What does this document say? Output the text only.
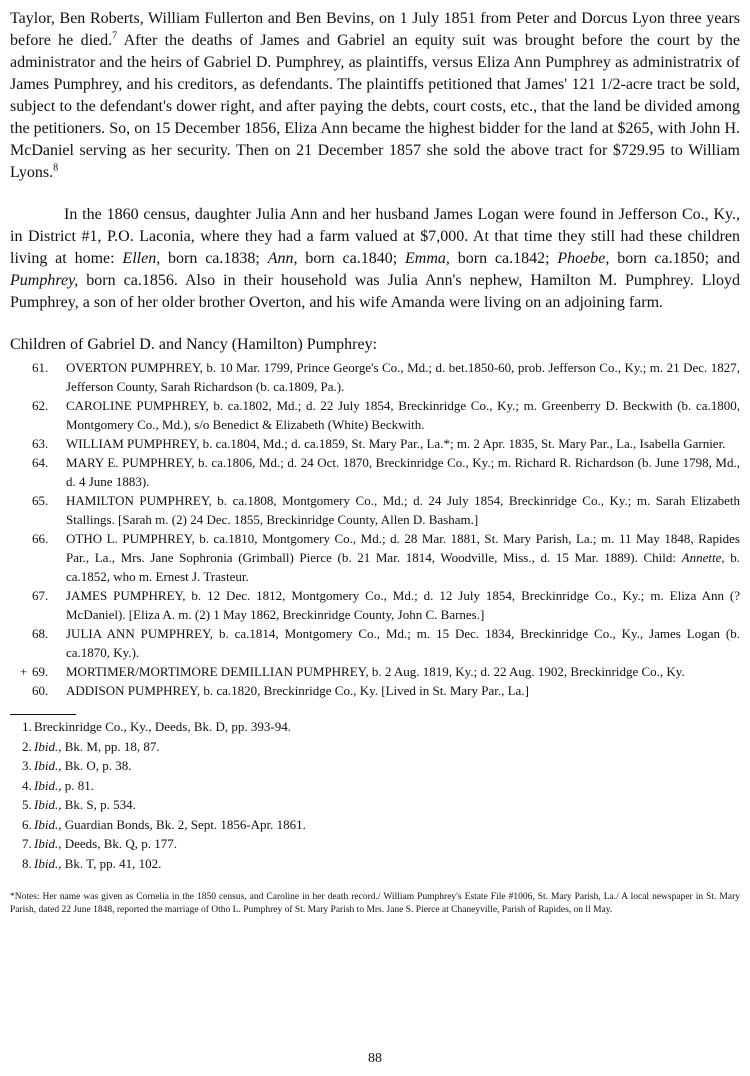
Taylor, Ben Roberts, William Fullerton and Ben Bevins, on 1 July 1851 from Peter and Dorcus Lyon three years before he died.$^7$ After the deaths of James and Gabriel an equity suit was brought before the court by the administrator and the heirs of Gabriel D. Pumphrey, as plaintiffs, versus Eliza Ann Pumphrey as administratrix of James Pumphrey, and his creditors, as defendants. The plaintiffs petitioned that James' 121 1/2-acre tract be sold, subject to the defendant's dower right, and after paying the debts, court costs, etc., that the land be divided among the petitioners. So, on 15 December 1856, Eliza Ann became the highest bidder for the land at $265, with John H. McDaniel serving as her security. Then on 21 December 1857 she sold the above tract for $729.95 to William Lyons.$^8$

In the 1860 census, daughter Julia Ann and her husband James Logan were found in Jefferson Co., Ky., in District #1, P.O. Laconia, where they had a farm valued at $7,000. At that time they still had these children living at home: Ellen, born ca.1838; Ann, born ca.1840; Emma, born ca.1842; Phoebe, born ca.1850; and Pumphrey, born ca.1856. Also in their household was Julia Ann's nephew, Hamilton M. Pumphrey. Lloyd Pumphrey, a son of her older brother Overton, and his wife Amanda were living on an adjoining farm.

Children of Gabriel D. and Nancy (Hamilton) Pumphrey:
61.	OVERTON PUMPHREY, b. 10 Mar. 1799, Prince George's Co., Md.; d. bet.1850-60, prob. Jefferson Co., Ky.; m. 21 Dec. 1827, Jefferson County, Sarah Richardson (b. ca.1809, Pa.).
62.	CAROLINE PUMPHREY, b. ca.1802, Md.; d. 22 July 1854, Breckinridge Co., Ky.; m. Greenberry D. Beckwith (b. ca.1800, Montgomery Co., Md.), s/o Benedict & Elizabeth (White) Beckwith.
63.	WILLIAM PUMPHREY, b. ca.1804, Md.; d. ca.1859, St. Mary Par., La.*; m. 2 Apr. 1835, St. Mary Par., La., Isabella Garnier.
64.	MARY E. PUMPHREY, b. ca.1806, Md.; d. 24 Oct. 1870, Breckinridge Co., Ky.; m. Richard R. Richardson (b. June 1798, Md., d. 4 June 1883).
65.	HAMILTON PUMPHREY, b. ca.1808, Montgomery Co., Md.; d. 24 July 1854, Breckinridge Co., Ky.; m. Sarah Elizabeth Stallings. [Sarah m. (2) 24 Dec. 1855, Breckinridge County, Allen D. Basham.]
66.	OTHO L. PUMPHREY, b. ca.1810, Montgomery Co., Md.; d. 28 Mar. 1881, St. Mary Parish, La.; m. 11 May 1848, Rapides Par., La., Mrs. Jane Sophronia (Grimball) Pierce (b. 21 Mar. 1814, Woodville, Miss., d. 15 Mar. 1889). Child: Annette, b. ca.1852, who m. Ernest J. Trasteur.
67.	JAMES PUMPHREY, b. 12 Dec. 1812, Montgomery Co., Md.; d. 12 July 1854, Breckinridge Co., Ky.; m. Eliza Ann (?McDaniel). [Eliza A. m. (2) 1 May 1862, Breckinridge County, John C. Barnes.]
68.	JULIA ANN PUMPHREY, b. ca.1814, Montgomery Co., Md.; m. 15 Dec. 1834, Breckinridge Co., Ky., James Logan (b. ca.1870, Ky.).
+ 69.	MORTIMER/MORTIMORE DEMILLIAN PUMPHREY, b. 2 Aug. 1819, Ky.; d. 22 Aug. 1902, Breckinridge Co., Ky.
60.	ADDISON PUMPHREY, b. ca.1820, Breckinridge Co., Ky. [Lived in St. Mary Par., La.]
1. Breckinridge Co., Ky., Deeds, Bk. D, pp. 393-94.
2. Ibid., Bk. M, pp. 18, 87.
3. Ibid., Bk. O, p. 38.
4. Ibid., p. 81.
5. Ibid., Bk. S, p. 534.
6. Ibid., Guardian Bonds, Bk. 2, Sept. 1856-Apr. 1861.
7. Ibid., Deeds, Bk. Q, p. 177.
8. Ibid., Bk. T, pp. 41, 102.
*Notes: Her name was given as Cornelia in the 1850 census, and Caroline in her death record./ William Pumphrey's Estate File #1006, St. Mary Parish, La./ A local newspaper in St. Mary Parish, dated 22 June 1848, reported the marriage of Otho L. Pumphrey of St. Mary Parish to Mrs. Jane S. Pierce at Chaneyville, Parish of Rapides, on ll May.
88
